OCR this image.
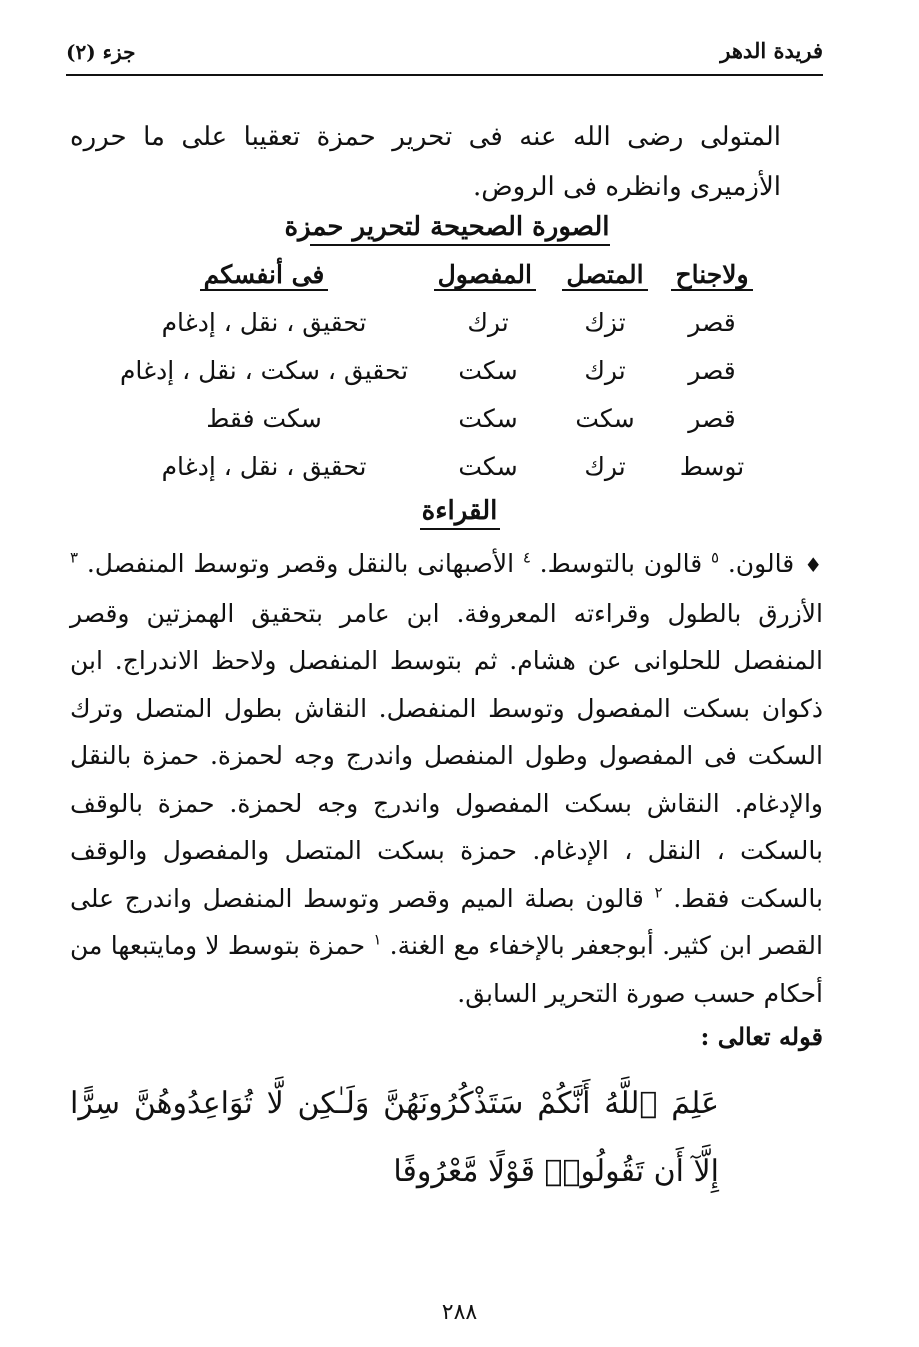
فريدة الدهر
جزء (٢)
المتولى رضى الله عنه فى تحرير حمزة تعقيبا على ما حرره الأزميرى وانظره فى الروض.
الصورة الصحيحة لتحرير حمزة
ولاجناح
المتصل
المفصول
فى أنفسكم
قصر
تزك
ترك
تحقيق ، نقل ، إدغام
قصر
ترك
سكت
تحقيق ، سكت ، نقل ، إدغام
قصر
سكت
سكت
سكت فقط
توسط
ترك
سكت
تحقيق ، نقل ، إدغام
القراءة
♦قالون. $^٥$ قالون بالتوسط. $^٤$ الأصبهانى بالنقل وقصر وتوسط المنفصل. $^٣$ الأزرق بالطول وقراءته المعروفة. ابن عامر بتحقيق الهمزتين وقصر المنفصل للحلوانى عن هشام. ثم بتوسط المنفصل ولاحظ الاندراج. ابن ذكوان بسكت المفصول وتوسط المنفصل. النقاش بطول المتصل وترك السكت فى المفصول وطول المنفصل واندرج وجه لحمزة. حمزة بالنقل والإدغام. النقاش بسكت المفصول واندرج وجه لحمزة. حمزة بالوقف بالسكت ، النقل ، الإدغام. حمزة بسكت المتصل والمفصول والوقف بالسكت فقط. $^٢$ قالون بصلة الميم وقصر وتوسط المنفصل واندرج على القصر ابن كثير. أبوجعفر بالإخفاء مع الغنة. $^١$ حمزة بتوسط لا ومايتبعها من أحكام حسب صورة التحرير السابق.
قوله تعالى :
عَلِمَ ٱللَّهُ أَنَّكُمْ سَتَذْكُرُونَهُنَّ وَلَـٰكِن لَّا تُوَاعِدُوهُنَّ سِرًّا إِلَّآ أَن تَقُولُوا۟ قَوْلًا مَّعْرُوفًا
٢٨٨
